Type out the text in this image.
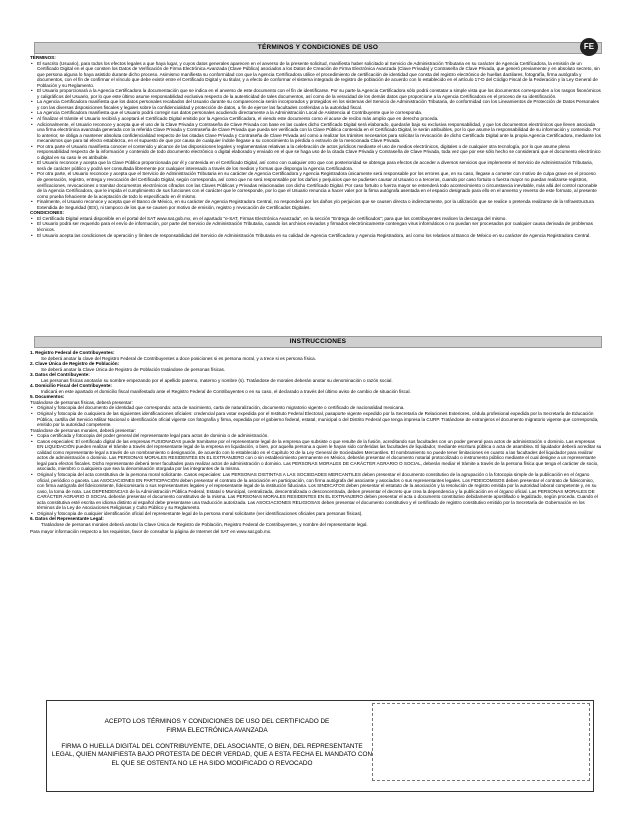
TÉRMINOS Y CONDICIONES DE USO	FE

TÉRMINOS:

• El suscrito (Usuario), para todos los efectos legales a que haya lugar, y cuyos datos generales aparecen en el anverso de la presente solicitud, manifiesta haber solicitado al Servicio de Administración Tributaria en su carácter de Agencia Certificadora, la emisión de un Certificado Digital en el que consten los Datos de Verificación de Firma Electrónica Avanzada (Clave Pública) asociados a los Datos de Creación de Firma Electrónica Avanzada (Clave Privada) y Contraseña de Clave Privada, que generó previamente y en absoluto secreto, sin que persona alguna lo haya asistido durante dicho proceso. Asimismo manifiesta su conformidad con que la Agencia Certificadora utilice el procedimiento de certificación de identidad que consta del registro electrónico de huellas dactilares, fotografía, firma autógrafa y documentos, con el fin de confirmar el vínculo que debe existir entre el Certificado Digital y su titular, y a efecto de conformar el sistema integrado de registro de población de acuerdo con lo establecido en el artículo 17-D del Código Fiscal de la Federación y la Ley General de Población y su Reglamento.

• El Usuario proporcionará a la Agencia Certificadora la documentación que se indica en el anverso de este documento con el fin de identificarse. Por su parte la Agencia Certificadora sólo podrá constatar a simple vista que los documentos corresponden a los rasgos fisonómicos y caligráficos del Usuario, por lo que este último asume responsabilidad exclusiva respecto de la autenticidad de tales documentos, así como de la veracidad de los demás datos que proporcione a la Agencia Certificadora en el proceso de su identificación.

• La Agencia Certificadora manifiesta que los datos personales recabados del Usuario durante su comparecencia serán incorporados y protegidos en los sistemas del Servicio de Administración Tributaria, de conformidad con los Lineamientos de Protección de Datos Personales y con las diversas disposiciones fiscales y legales sobre la confidencialidad y protección de datos, a fin de ejercer las facultades conferidas a la autoridad fiscal.

• La Agencia Certificadora manifiesta que el Usuario podrá corregir sus datos personales acudiendo directamente a la Administración Local de Asistencia al Contribuyente que le corresponda.

• Al finalizar el trámite el Usuario recibirá y aceptará el Certificado Digital emitido por la Agencia Certificadora, el viendo este documento como el acuse de recibo más amplio que en derecho proceda.

• Adicionalmente, el Usuario reconoce y acepta que el uso de la Clave Privada y Contraseña de Clave Privada con base en las cuales dicho Certificado Digital será elaborado, quedarán bajo su exclusiva responsabilidad, y que los documentos electrónicos que lleven asociada una firma electrónica avanzada generada con la referida Clave Privada y Contraseña de Clave Privada que pueda ser verificada con la Clave Pública contenida en el Certificado Digital, le serán atribuibles, por lo que asume la responsabilidad de su información y contenido. Por lo anterior, se obliga a mantener absoluta confidencialidad respecto de las citadas Clave Privada y Contraseña de Clave Privada así como a realizar los trámites necesarios para solicitar la revocación de dicho Certificado Digital ante la propia Agencia Certificadora, mediante los mecanismos que para tal efecto establezca, en el supuesto de que por causa de cualquier índole llegase a su conocimiento la pérdida o extravío de la mencionada Clave Privada.

• Por otra parte el Usuario manifiesta conocer el contenido y alcance de las disposiciones legales y reglamentarias relativas a la celebración de actos jurídicos mediante el uso de medios electrónicos, digitales o de cualquier otra tecnología, por lo que asume plena responsabilidad respecto de la información y contenido de todo documento electrónico o digital elaborado y enviado en el que se haga uso de la citada Clave Privada y Contraseña de Clave Privada, toda vez que por ese sólo hecho se considerará que el documento electrónico o digital en su caso le es atribuible.

• El Usuario reconoce y acepta que la Clave Pública proporcionada por él y contenida en el Certificado Digital, así como con cualquier otro que con posterioridad se obtenga para efectos de acceder a diversos servicios que implemente el Servicio de Administración Tributaria, será de carácter público y podrá ser consultada libremente por cualquier interesado a través de los medios y formas que disponga la Agencia Certificadora.

• Por otra parte, el Usuario reconoce y acepta que el Servicio de Administración Tributaria en su carácter de Agencia Certificadora y Agencia Registradora únicamente será responsable por los errores que, en su caso, llegase a cometer con motivo de culpa grave en el proceso de generación, registro, entrega y revocación del Certificado Digital, según corresponda, así como que no será responsable por los daños y perjuicios que se pudiesen causar al Usuario o a terceros, cuando por caso fortuito o fuerza mayor no puedan realizarse registros, verificaciones, revocaciones o tramitar documentos electrónicos cifrados con las Claves Públicas y Privadas relacionadas con dicho Certificado Digital. Por caso fortuito o fuerza mayor se entenderá todo acontecimiento o circunstancia inevitable, más allá del control razonable de la Agencia Certificadora, que le impida el cumplimiento de sus funciones con el carácter que le corresponde, por lo que el Usuario renuncia a hacer valer por la firma autógrafa asentada en el espacio designado para ello en el anverso y reverso de este formato, al presente como prueba fehaciente de la aceptación de todo lo especificado en él mismo.

• Finalmente, el Usuario reconoce y acepta que el Banco de México, en su carácter de Agencia Registradora Central, no responderá por los daños y/o perjuicios que se causen directa o indirectamente, por la utilización que se realice o pretenda realizarse de la Infraestructura Extendida de Seguridad (IES), ni tampoco de los que se causen por motivo de emisión, registro y revocación de Certificados Digitales.

CONDICIONES:

• El Certificado Digital estará disponible en el portal del SAT www.sat.gob.mx, en el apartado "e-SAT, Firmas Electrónica Avanzada", en la sección "Entrega de certificados"; para que los contribuyentes realicen la descarga del mismo.

• El Usuario podrá ser requerido para el envío de información, por parte del Servicio de Administración Tributaria, cuando los archivos enviados y firmados electrónicamente contengan virus informáticos o no puedan ser procesados por cualquier causa derivada de problemas técnicos.

• El Usuario acepta las condiciones de operación y límites de responsabilidad del Servicio de Administración Tributaria en su calidad de Agencia Certificadora y Agencia Registradora, así como los relativos al Banco de México en su carácter de Agencia Registradora Central.

INSTRUCCIONES

1. Registro Federal de Contribuyentes:

Se deberá anotar la clave del Registro Federal de Contribuyentes a doce posiciones si es persona moral, y a trece si es persona física.

2. Clave Única de Registro de Población:

Se deberá anotar la Clave Única de Registro de Población tratándose de personas físicas.

3. Datos del Contribuyente:

Las personas físicas anotarán su nombre empezando por el apellido paterno, materno y nombre (s). Tratándose de morales deberán anotar su denominación o razón social.

4. Domicilio Fiscal del Contribuyente:

Indicará en este apartado el domicilio fiscal manifestado ante el Registro Federal de Contribuyentes o en su caso, el declarado a través del último aviso de cambio de situación fiscal.

5. Documentos:

Tratándose de personas físicas, deberá presentar:

• Original y fotocopia del documento de identidad que corresponda: acta de nacimiento, carta de naturalización, documento migratorio vigente o certificado de nacionalidad mexicana.

• Original y fotocopia de cualquiera de las siguientes identificaciones oficiales: credencial para votar expedida por el Instituto Federal Electoral, pasaporte vigente expedido por la Secretaría de Relaciones Exteriores, cédula profesional expedida por la Secretaría de Educación Pública, cartilla del Servicio Militar Nacional o identificación oficial vigente con fotografía y firma, expedida por el gobierno federal, estatal, municipal o del Distrito Federal que tenga impresa la CURP. Tratándose de extranjeros el documento migratorio vigente que corresponda, emitido por la autoridad competente.

Tratándose de personas morales, deberá presentar:

• Copia certificada y fotocopia del poder general del representante legal para actos de dominio o de administración.

• Casos especiales: El certificado digital de las empresas FUSIONADAS puede tramitarse por el representante legal de la empresa que subsiste o que resulte de la fusión, acreditando sus facultades con un poder general para actos de administración o dominio. Las empresas EN LIQUIDACIÓN pueden realizar el trámite a través del representante legal de la empresa en liquidación, o bien, por aquella persona a quien le hayan sido conferidas las facultades de liquidador, mediante escritura pública o acta de asamblea. El liquidador deberá acreditar su calidad como representante legal a través de un nombramiento o designación, de acuerdo con lo establecido en el Capítulo XI de la Ley General de Sociedades Mercantiles. El nombramiento no puede tener limitaciones en cuanto a las facultades del liquidador para realizar actos de administración o dominio. Las PERSONAS MORALES RESIDENTES EN EL EXTRANJERO con o sin establecimiento permanente en México, deberán presentar el documento notarial protocolizado o instrumento público mediante el cual designe a un representante legal para efectos fiscales. Dicho representante deberá tener facultades para realizar actos de administración o dominio. Las PERSONAS MORALES DE CARÁCTER AGRARIO O SOCIAL, deberán mediar el trámite a través de la persona física que tenga el carácter de socio, asociado, miembro o cualquiera que sea la denominación otorgada por las integrantes de la misma.

• Original y fotocopia del acta constitutiva de la persona moral solicitante. Casos especiales: Las PERSONAS DISTINTAS A LAS SOCIEDADES MERCANTILES deben presentar el documento constitutivo de la agrupación o la fotocopia simple de la publicación en el órgano oficial, periódico o gaceta. Las ASOCIACIONES EN PARTICIPACIÓN deben presentar el contrato de la asociación en participación, con firma autógrafa del asociante y asociados o sus representantes legales. Los FIDEICOMISOS deben presentar el contrato de fideicomiso, con firma autógrafa del fideicomitente, fideicomisario o sus representantes legales y el representante legal de la institución fiduciaria. Los SINDICATOS deben presentar el estatuto de la asociación y la resolución de registro emitida por la autoridad laboral competente y, en su caso, la toma de nota. Las DEPENDENCIAS de la Administración Pública Federal, Estatal o Municipal, centralizada, descentralizada o desconcentrada, deben presentar el decreto que crea la dependencia y la publicación en el órgano oficial. Las PERSONAS MORALES DE CARÁCTER AGRARIO O SOCIAL deberán presentar el documento constitutivo de la misma. Las PERSONAS MORALES RESIDENTES EN EL EXTRANJERO deben presentar el acta o documento constitutivo debidamente apostillado o legalizado, según proceda. Cuando el acta constitutiva esté escrita en idioma distinto al español debe presentarse una traducción autorizada. Las ASOCIACIONES RELIGIOSAS deben presentar el documento constitutivo y el certificado de registro constitutivo emitido por la Secretaría de Gobernación en los términos de la Ley de Asociaciones Religiosas y Culto Público y su Reglamento.

• Original y fotocopia de cualquier identificación oficial del representante legal de la persona moral solicitante (ver identificaciones oficiales para personas físicas).

6. Datos del Representante Legal:

Tratándose de personas morales deberá anotar la Clave Única de Registro de Población, Registro Federal de Contribuyentes, y nombre del representante legal.

Para mayor información respecto a los requisitos, favor de consultar la página de Internet del SAT en www.sat.gob.mx.

ACEPTO LOS TÉRMINOS Y CONDICIONES DE USO DEL CERTIFICADO DE FIRMA ELECTRÓNICA AVANZADA
FIRMA O HUELLA DIGITAL DEL CONTRIBUYENTE, DEL ASOCIANTE, O BIEN, DEL REPRESENTANTE LEGAL, QUIEN MANIFIESTA BAJO PROTESTA DE DECIR VERDAD, QUE A ESTA FECHA EL MANDATO CON EL QUE SE OSTENTA NO LE HA SIDO MODIFICADO O REVOCADO
